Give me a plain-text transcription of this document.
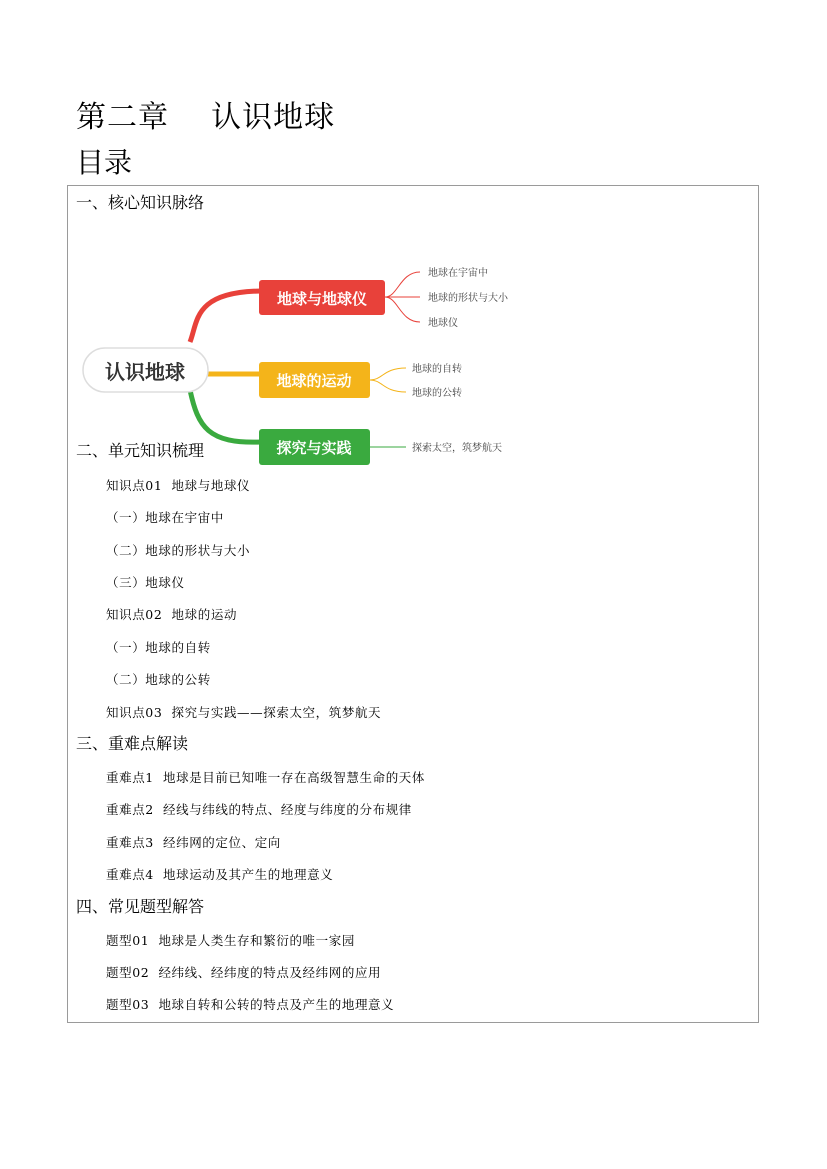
第二章    认识地球
目录
一、核心知识脉络
认识地球
地球与地球仪
地球在宇宙中
地球的形状与大小
地球仪
地球的运动
地球的自转
地球的公转
探究与实践	探索太空，筑梦航天
二、单元知识梳理
知识点01  地球与地球仪
（一）地球在宇宙中
（二）地球的形状与大小
（三）地球仪
知识点02  地球的运动
（一）地球的自转
（二）地球的公转
知识点03  探究与实践——探索太空，筑梦航天
三、重难点解读
重难点1  地球是目前已知唯一存在高级智慧生命的天体
重难点2  经线与纬线的特点、经度与纬度的分布规律
重难点3  经纬网的定位、定向
重难点4  地球运动及其产生的地理意义
四、常见题型解答
题型01  地球是人类生存和繁衍的唯一家园
题型02  经纬线、经纬度的特点及经纬网的应用
题型03  地球自转和公转的特点及产生的地理意义
